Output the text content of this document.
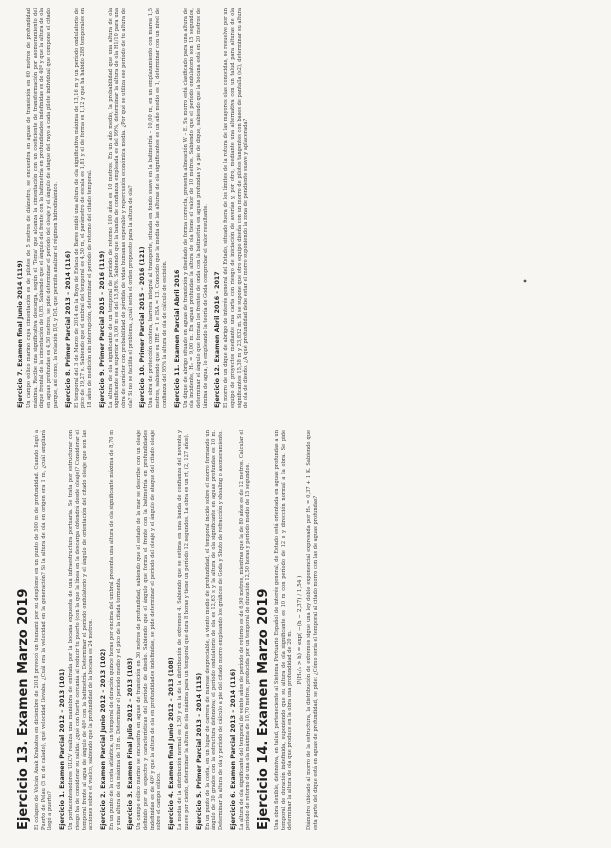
Ejercicio 13. Examen Marzo 2019 El colapso de Volcán Anak Krakatoa en diciembre de 2018 provocó un tsunami por su desplome en un punto de 500 m de profundidad. Cuando llegó a Puerto de Pelau (5 m de calado), qué velocidad llevaba. ¿Cuál era la velocidad en la generación? Si la altura de ola en origen era 1 m, ¿cuál ampliará llegó a puerto? Ejercicio 1. Examen Parcial 2012 – 2013 (101) Un portacontenedores ULCV realiza una maniobra de entrada por la bocana expuesta de una infraestructura portuaria. Se trata por estructurar con riesgo ha de considerar su salida: ¿qué con fuerte cercanía al reducir tu puerto (con la que la línea en la descarga obtendrá desde oleaje)? Considerar el temporal frente al agua de ángulo de 40º con la batimetría. Determinar el período ondulatorio y el ángulo de orientación del citado oleaje que son las acciones sobre el vuelco, sabiendo que la profundidad de la bocana es 24 metros. Ejercicio 2. Examen Parcial Junio 2012 – 2013 (102) En un punto de la costa atlántica, un temporal de duración quince horas por encima del umbral presenta una altura de ola significante máxima de 8,70 m y una altura de ola máxima de 18 m. Determinar el período medio y el pico de la citada tormenta. Ejercicio 3. Examen Final Julio 2012 – 2013 (103) Un campo eólico marino se encuentra en aguas de transición en 30 metros de profundidad, sabiendo que el estado de la mar se describe con un oleaje definido por su espectro y características del período de diseño. Sabiendo que el ángulo que forma el frente con la batimetría en profundidades indefinidas es de 40º y que la altura de ola en profundidades indefinidas, se pide determinar el período del oleaje y el ángulo de ataque del citado oleaje sobre el campo eólico. Ejercicio 4. Examen final Junio 2012 – 2013 (108) La media de la distribución normal es 1,50 y en la de la distribución de extremos 4. Sabiendo que se estima en una banda de confianza del noventa y nueve por ciento, determinar la altura de ola máxima para un temporal que dura 8 horas y tiene un período 12 segundos. La obra es un rt, (2, 127 años). Ejercicio 5. Primer Parcial 2013 – 2014 (115) En un punto de la costa, en un lugar de carrera de mareas despreciable, a viento medio de profundidad, el temporal incide sobre el morro formando un ángulo de 30 grados con la estructura defensiva; el período ondulatorio de ola es 12,63 s y la altura de ola significante en aguas profundas es 10 m. Determinar la altura de ola y período de cálculo a pie del citado morro empleando los gráficos de Goda y Shuto de refracción y shoaling o asomeramiento. Ejercicio 6. Examen Parcial 2013 – 2014 (116) La altura de ola significante del temporal de veinte años de período de retorno es de 6,90 metros, mientras que la de 80 años es de 12 metros. Calcular el período de retorno de una ola máxima de 10,70 metros, producida por un temporal de duración 12,50 horas y período medio de 15 segundos. Ejercicio 14. Examen Marzo 2019 Una obra flexible, defensiva, en talud, perteneciente al Sistema Portuario Español de interés general, de Estado está orientada en aguas profundas a un temporal de duración indefinida, suponiendo que su altura de ola significante es 10 m con período de 12 s y dirección normal a la obra. Se pide determinar la altura de ola que produce en la obra una profundidad de 20 m.
P(H₁/₃ > h) = exp( −(h − 2,37) / 1,54 ) Diámetro ubicado al morro de la estructura, la distribución de extremos sigue una ley doble exponencial expresada por H₅ = 0,37 + 1 K. Sabiendo que esta parte del dique está en aguas de profundidad, se pide: ¿Cómo sería el temporal al citado morro con las de aguas profundas?
Ejercicio 7. Examen final Junio 2014 (119) Un campo eólico marino cuya cimentación es de pilotes de 5 metros de diámetro, se encuentra en aguas de transición en 60 metros de profundidad máxima. Recibe una significativa descarga, según el 'Tema' que alcanza la cimentación con un coeficiente de transformación por asomeramiento del dique frontal de la cimentación de 0,85. Sabiendo que el ángulo del frente con la batimetría en profundidades indefinidas es de 40º y que la altura de ola en aguas profundas es 4,50 metros, se pide determinar el período del oleaje y el ángulo de ataque del rayo a cada pilote individual que compone el citado parque, así como, la relación D/L y D/L que permita analizar el régimen hidrodinámico. Ejercicio 8. Primer Parcial 2013 – 2014 (116) El temporal del 3 de Marzo de 2014 en la Boya de Estaca de Bares midió una altura de ola significativa máxima de 13,16 m y un período ondulatorio de pico de 19,27 s. Sabiendo que el umbral del temporal es 4,50 m, el parámetro de escala es 1,81 y el de forma es 1,12 y que ha habido 288 temporales en 18 años de medición sin interrupción, determinar el período de retorno del citado temporal. Ejercicio 9. Primer Parcial 2015 – 2016 (119) La altura de ola significante de un temporal de período de retorno 100 años es 10 metros. En un año medio, la probabilidad que una altura de ola significante sea superior a 5,00 m es del 15,86%. Sabiendo que la banda de confianza empleada es del 99%, determinar la altura de ola H1/10 para una obra de carácter con probabilidad de pérdida de vidas humanas esperable y repercusión económica media. ¿Por qué se utiliza ese período de tu altura de ola? Si no se facilita el problema, ¿cuál sería el orden propuesto para la altura de ola? Ejercicio 10. Primer Parcial 2015 – 2016 (121) Una obra de protección costera, barrera integral al transporte, situada en fondo suave en la batimetría – 10,00 m, en un emplazamiento con marea 1,5 metros, sabiendo que su IRE = 1 e ISA = 13. Conocido que la media de las alturas de ola significantes es un año medio es 1, determinar con un nivel de confianza del 95% la altura de ola de cálculo de escisión. Ejercicio 11. Examen Parcial Abril 2016 Un dique de abrigo situado en aguas de transición y diseñado de forma correcta, presenta alineación W – E. Su morro está clasificado para una altura de ola incidente, H₀ = 9,00 m. En aguas profundas la altura de ola tiene el valor de 10 metros. Sabiendo que el período ondulatorio son 15 segundos, determinar el ángulo que forman los frentes de onda con la batimetría en aguas profundas y a pie de dique, sabiendo que la bocana está en 20 metros de lámina de agua, lo empleando la teoría de Goda comprobar el valor resultante. Ejercicio 12. Examen Abril 2016 - 2017 El morro de un dique de abrigo de interés general del Estado, situado fuera de los límites de la rotura de las mayores olas conocidas, se resuelve por un equipo de proyectos mediante una carta con riesgo de iniciación de averías y, por otro, mediante una alternativa con un talud para alturas de ola significantes 15,38 m y 23,832 m. Si se supone que otro equipo diseña con un morro de pilotes tangentes con bases de pantalla (s2), determinar su altura de ola de diseño. ¿A qué profundidad debe estar el morro suponiendo la zona de pendiente suave y aplacerada?
